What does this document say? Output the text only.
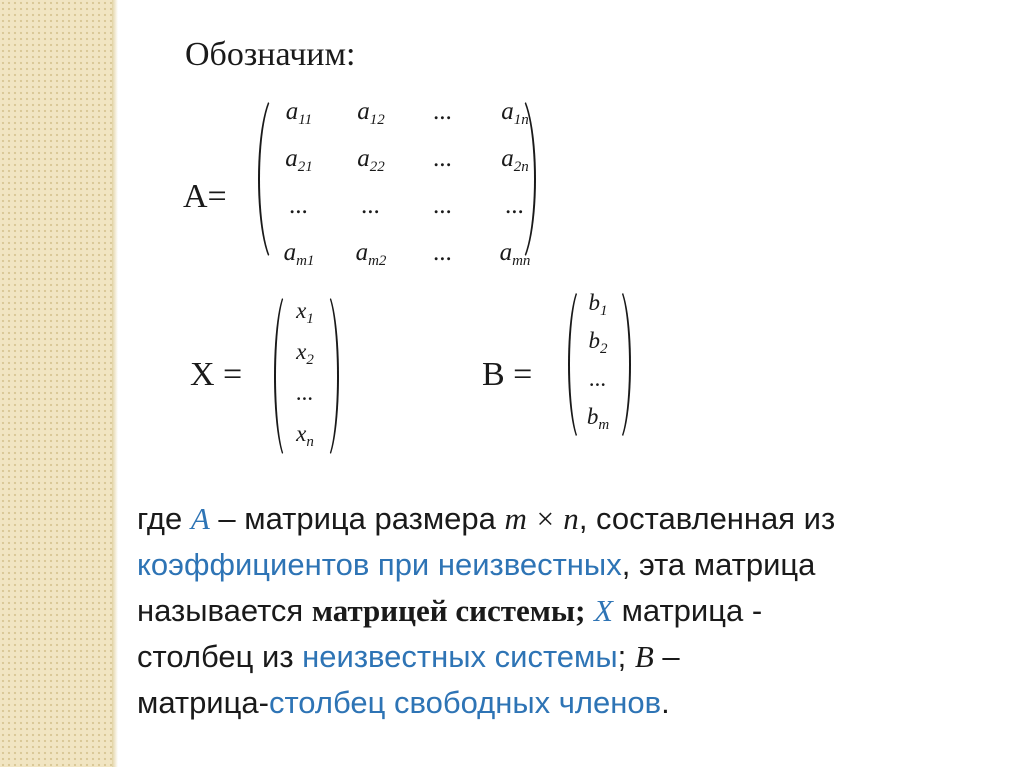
Обозначим:
A=
$a_{11}$	$a_{12}$	...	$a_{1n}$
$a_{21}$	$a_{22}$	...	$a_{2n}$
...	...	...	...
$a_{m1}$	$a_{m2}$	...	$a_{mn}$
X =
$x_1$
$x_2$
...
$x_n$
B =
$b_1$
$b_2$
...
$b_m$
где A – матрица размера m × n, составленная из
коэффициентов при неизвестных, эта матрица
называется матрицей системы; X матрица -
столбец из неизвестных системы; B –
матрица-столбец свободных членов.
